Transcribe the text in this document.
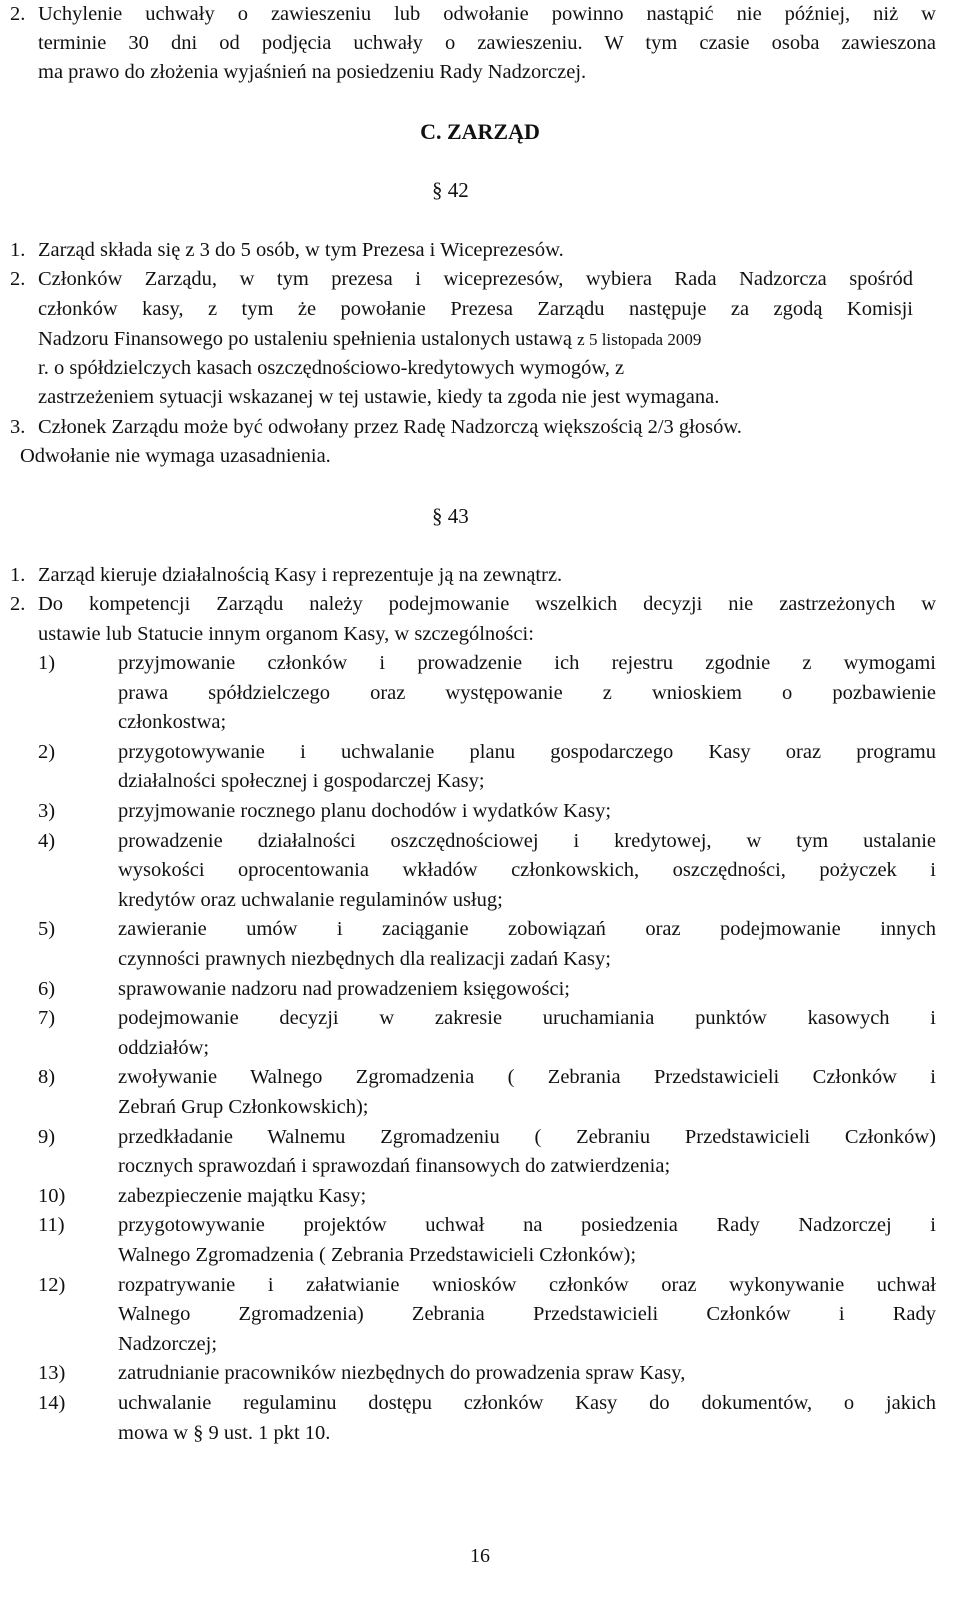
2. Uchylenie uchwały o zawieszeniu lub odwołanie powinno nastąpić nie później, niż w
terminie 30 dni od podjęcia uchwały o zawieszeniu. W tym czasie osoba zawieszona
ma prawo do złożenia wyjaśnień na posiedzeniu Rady Nadzorczej.
C. ZARZĄD
§ 42
1. Zarząd składa się z 3 do 5 osób, w tym Prezesa i Wiceprezesów.
2. Członków Zarządu, w tym prezesa i wiceprezesów, wybiera Rada Nadzorcza spośród
członków kasy, z tym że powołanie Prezesa Zarządu następuje za zgodą Komisji
Nadzoru Finansowego po ustaleniu spełnienia ustalonych ustawą z 5 listopada 2009
r. o spółdzielczych kasach oszczędnościowo-kredytowych wymogów, z
zastrzeżeniem sytuacji wskazanej w tej ustawie, kiedy ta zgoda nie jest wymagana.
3. Członek Zarządu może być odwołany przez Radę Nadzorczą większością 2/3 głosów.
Odwołanie nie wymaga uzasadnienia.
§ 43
1. Zarząd kieruje działalnością Kasy i reprezentuje ją na zewnątrz.
2. Do kompetencji Zarządu należy podejmowanie wszelkich decyzji nie zastrzeżonych w
ustawie lub Statucie innym organom Kasy, w szczególności:
1)	przyjmowanie członków i prowadzenie ich rejestru zgodnie z wymogami
prawa spółdzielczego oraz występowanie z wnioskiem o pozbawienie
członkostwa;
2)	przygotowywanie i uchwalanie planu gospodarczego Kasy oraz programu
działalności społecznej i gospodarczej Kasy;
3)	przyjmowanie rocznego planu dochodów i wydatków Kasy;
4)	prowadzenie działalności oszczędnościowej i kredytowej, w tym ustalanie
wysokości oprocentowania wkładów członkowskich, oszczędności, pożyczek i
kredytów oraz uchwalanie regulaminów usług;
5)	zawieranie umów i zaciąganie zobowiązań oraz podejmowanie innych
czynności prawnych niezbędnych dla realizacji zadań Kasy;
6)	sprawowanie nadzoru nad prowadzeniem księgowości;
7)	podejmowanie decyzji w zakresie uruchamiania punktów kasowych i
oddziałów;
8)	zwoływanie Walnego Zgromadzenia ( Zebrania Przedstawicieli Członków i
Zebrań Grup Członkowskich);
9)	przedkładanie Walnemu Zgromadzeniu ( Zebraniu Przedstawicieli Członków)
rocznych sprawozdań i sprawozdań finansowych do zatwierdzenia;
10)	zabezpieczenie majątku Kasy;
11)	przygotowywanie projektów uchwał na posiedzenia Rady Nadzorczej i
Walnego Zgromadzenia ( Zebrania Przedstawicieli Członków);
12)	rozpatrywanie i załatwianie wniosków członków oraz wykonywanie uchwał
Walnego Zgromadzenia) Zebrania Przedstawicieli Członków i Rady
Nadzorczej;
13)	zatrudnianie pracowników niezbędnych do prowadzenia spraw Kasy,
14)	uchwalanie regulaminu dostępu członków Kasy do dokumentów, o jakich
mowa w § 9 ust. 1 pkt 10.
16
